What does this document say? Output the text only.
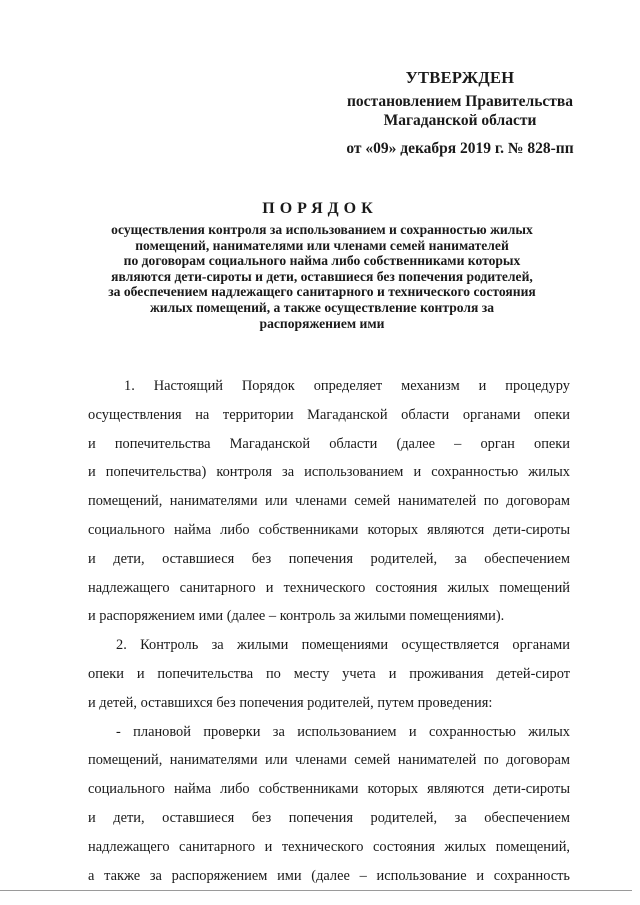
УТВЕРЖДЕН
постановлением Правительства
Магаданской области
от «09» декабря 2019 г. № 828-пп
ПОРЯДОК
осуществления контроля за использованием и сохранностью жилых
помещений, нанимателями или членами семей нанимателей
по договорам социального найма либо собственниками которых
являются дети-сироты и дети, оставшиеся без попечения родителей,
за обеспечением надлежащего санитарного и технического состояния
жилых помещений, а также осуществление контроля за
распоряжением ими
1. Настоящий Порядок определяет механизм и процедуру
осуществления на территории Магаданской области органами опеки
и попечительства Магаданской области (далее – орган опеки
и попечительства) контроля за использованием и сохранностью жилых
помещений, нанимателями или членами семей нанимателей по договорам
социального найма либо собственниками которых являются дети-сироты
и дети, оставшиеся без попечения родителей, за обеспечением
надлежащего санитарного и технического состояния жилых помещений
и распоряжением ими (далее – контроль за жилыми помещениями).
2. Контроль за жилыми помещениями осуществляется органами
опеки и попечительства по месту учета и проживания детей-сирот
и детей, оставшихся без попечения родителей, путем проведения:
- плановой проверки за использованием и сохранностью жилых
помещений, нанимателями или членами семей нанимателей по договорам
социального найма либо собственниками которых являются дети-сироты
и дети, оставшиеся без попечения родителей, за обеспечением
надлежащего санитарного и технического состояния жилых помещений,
а также за распоряжением ими (далее – использование и сохранность
